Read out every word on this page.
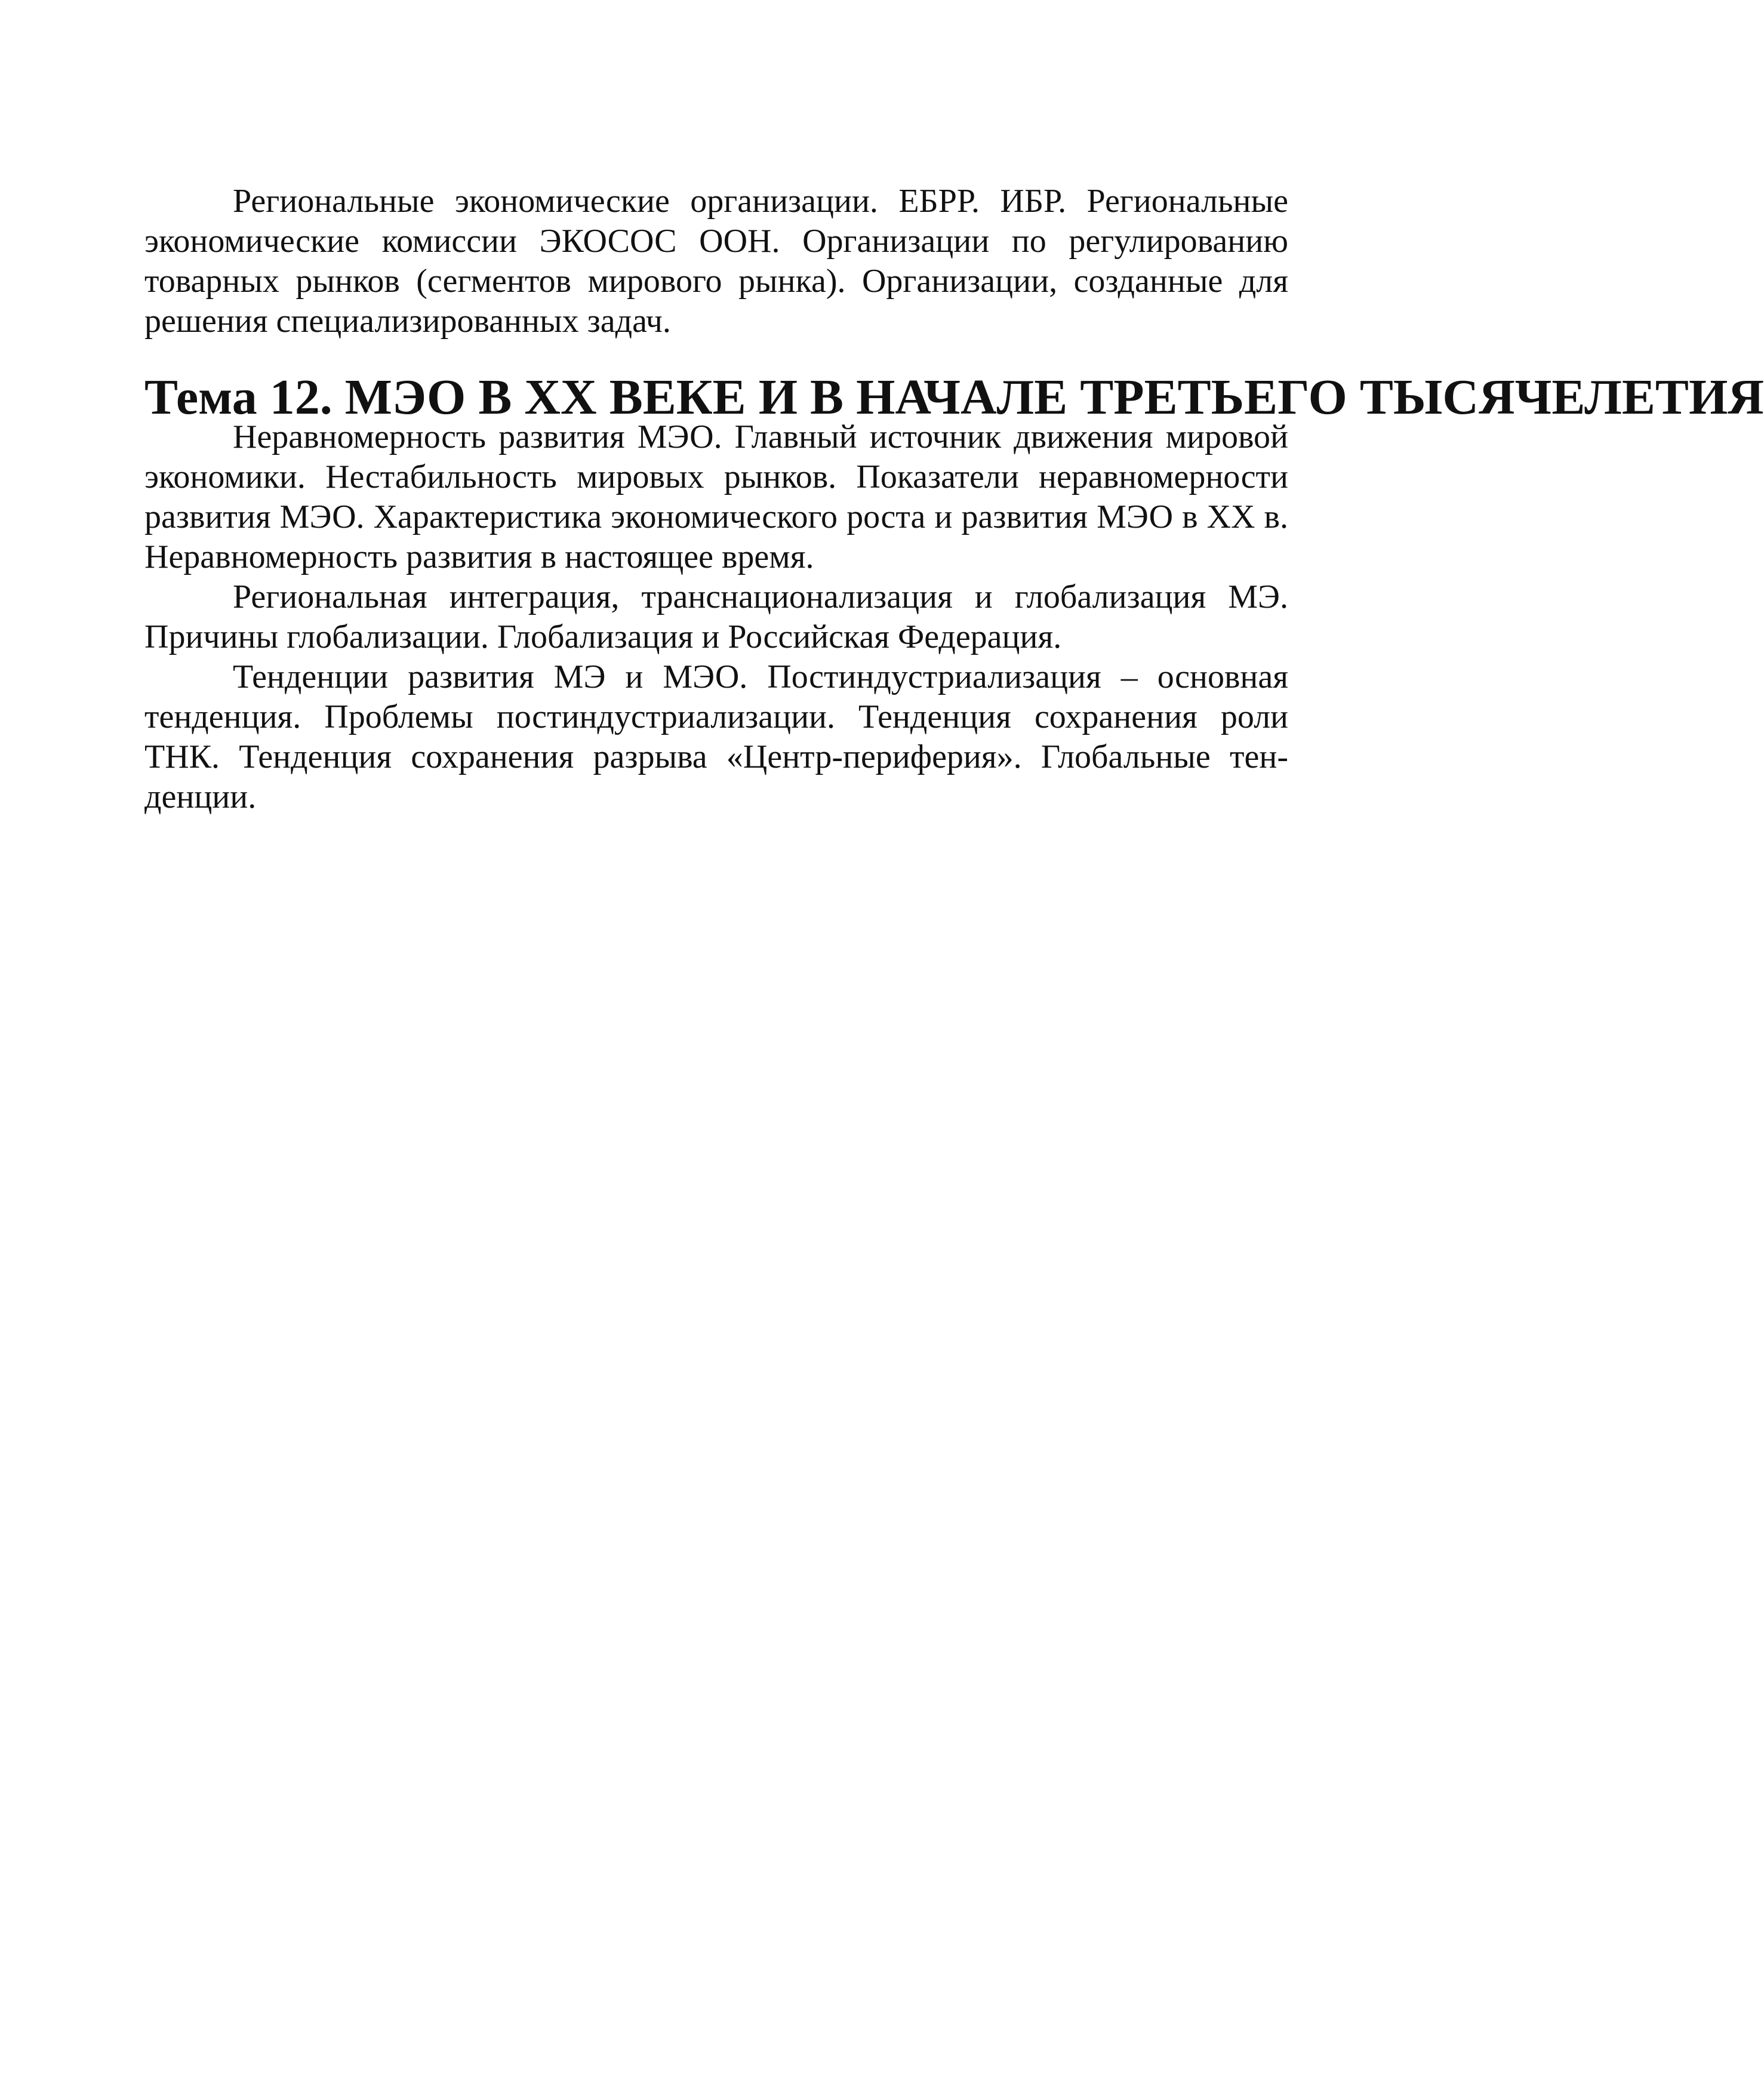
Региональные экономические организации. ЕБРР. ИБР. Региональные экономические комиссии ЭКОСОС ООН. Организации по регулированию товарных рынков (сегментов мирового рынка). Организации, созданные для решения специализированных задач.

Тема 12. МЭО В ХХ ВЕКЕ И В НАЧАЛЕ ТРЕТЬЕГО ТЫСЯЧЕЛЕТИЯ

Неравномерность развития МЭО. Главный источник движения мировой экономики. Нестабильность мировых рынков. Показатели неравномерности развития МЭО. Характеристика экономического роста и развития МЭО в XX в. Неравномерность развития в настоящее время.

Региональная интеграция, транснационализация и глобализация МЭ. Причины глобализации. Глобализация и Российская Федерация.

Тенденции развития МЭ и МЭО. Постиндустриализация – основная тенденция. Проблемы постиндустриализации. Тенденция сохранения роли ТНК. Тенденция сохранения разрыва «Центр-периферия». Глобальные тенденции.
